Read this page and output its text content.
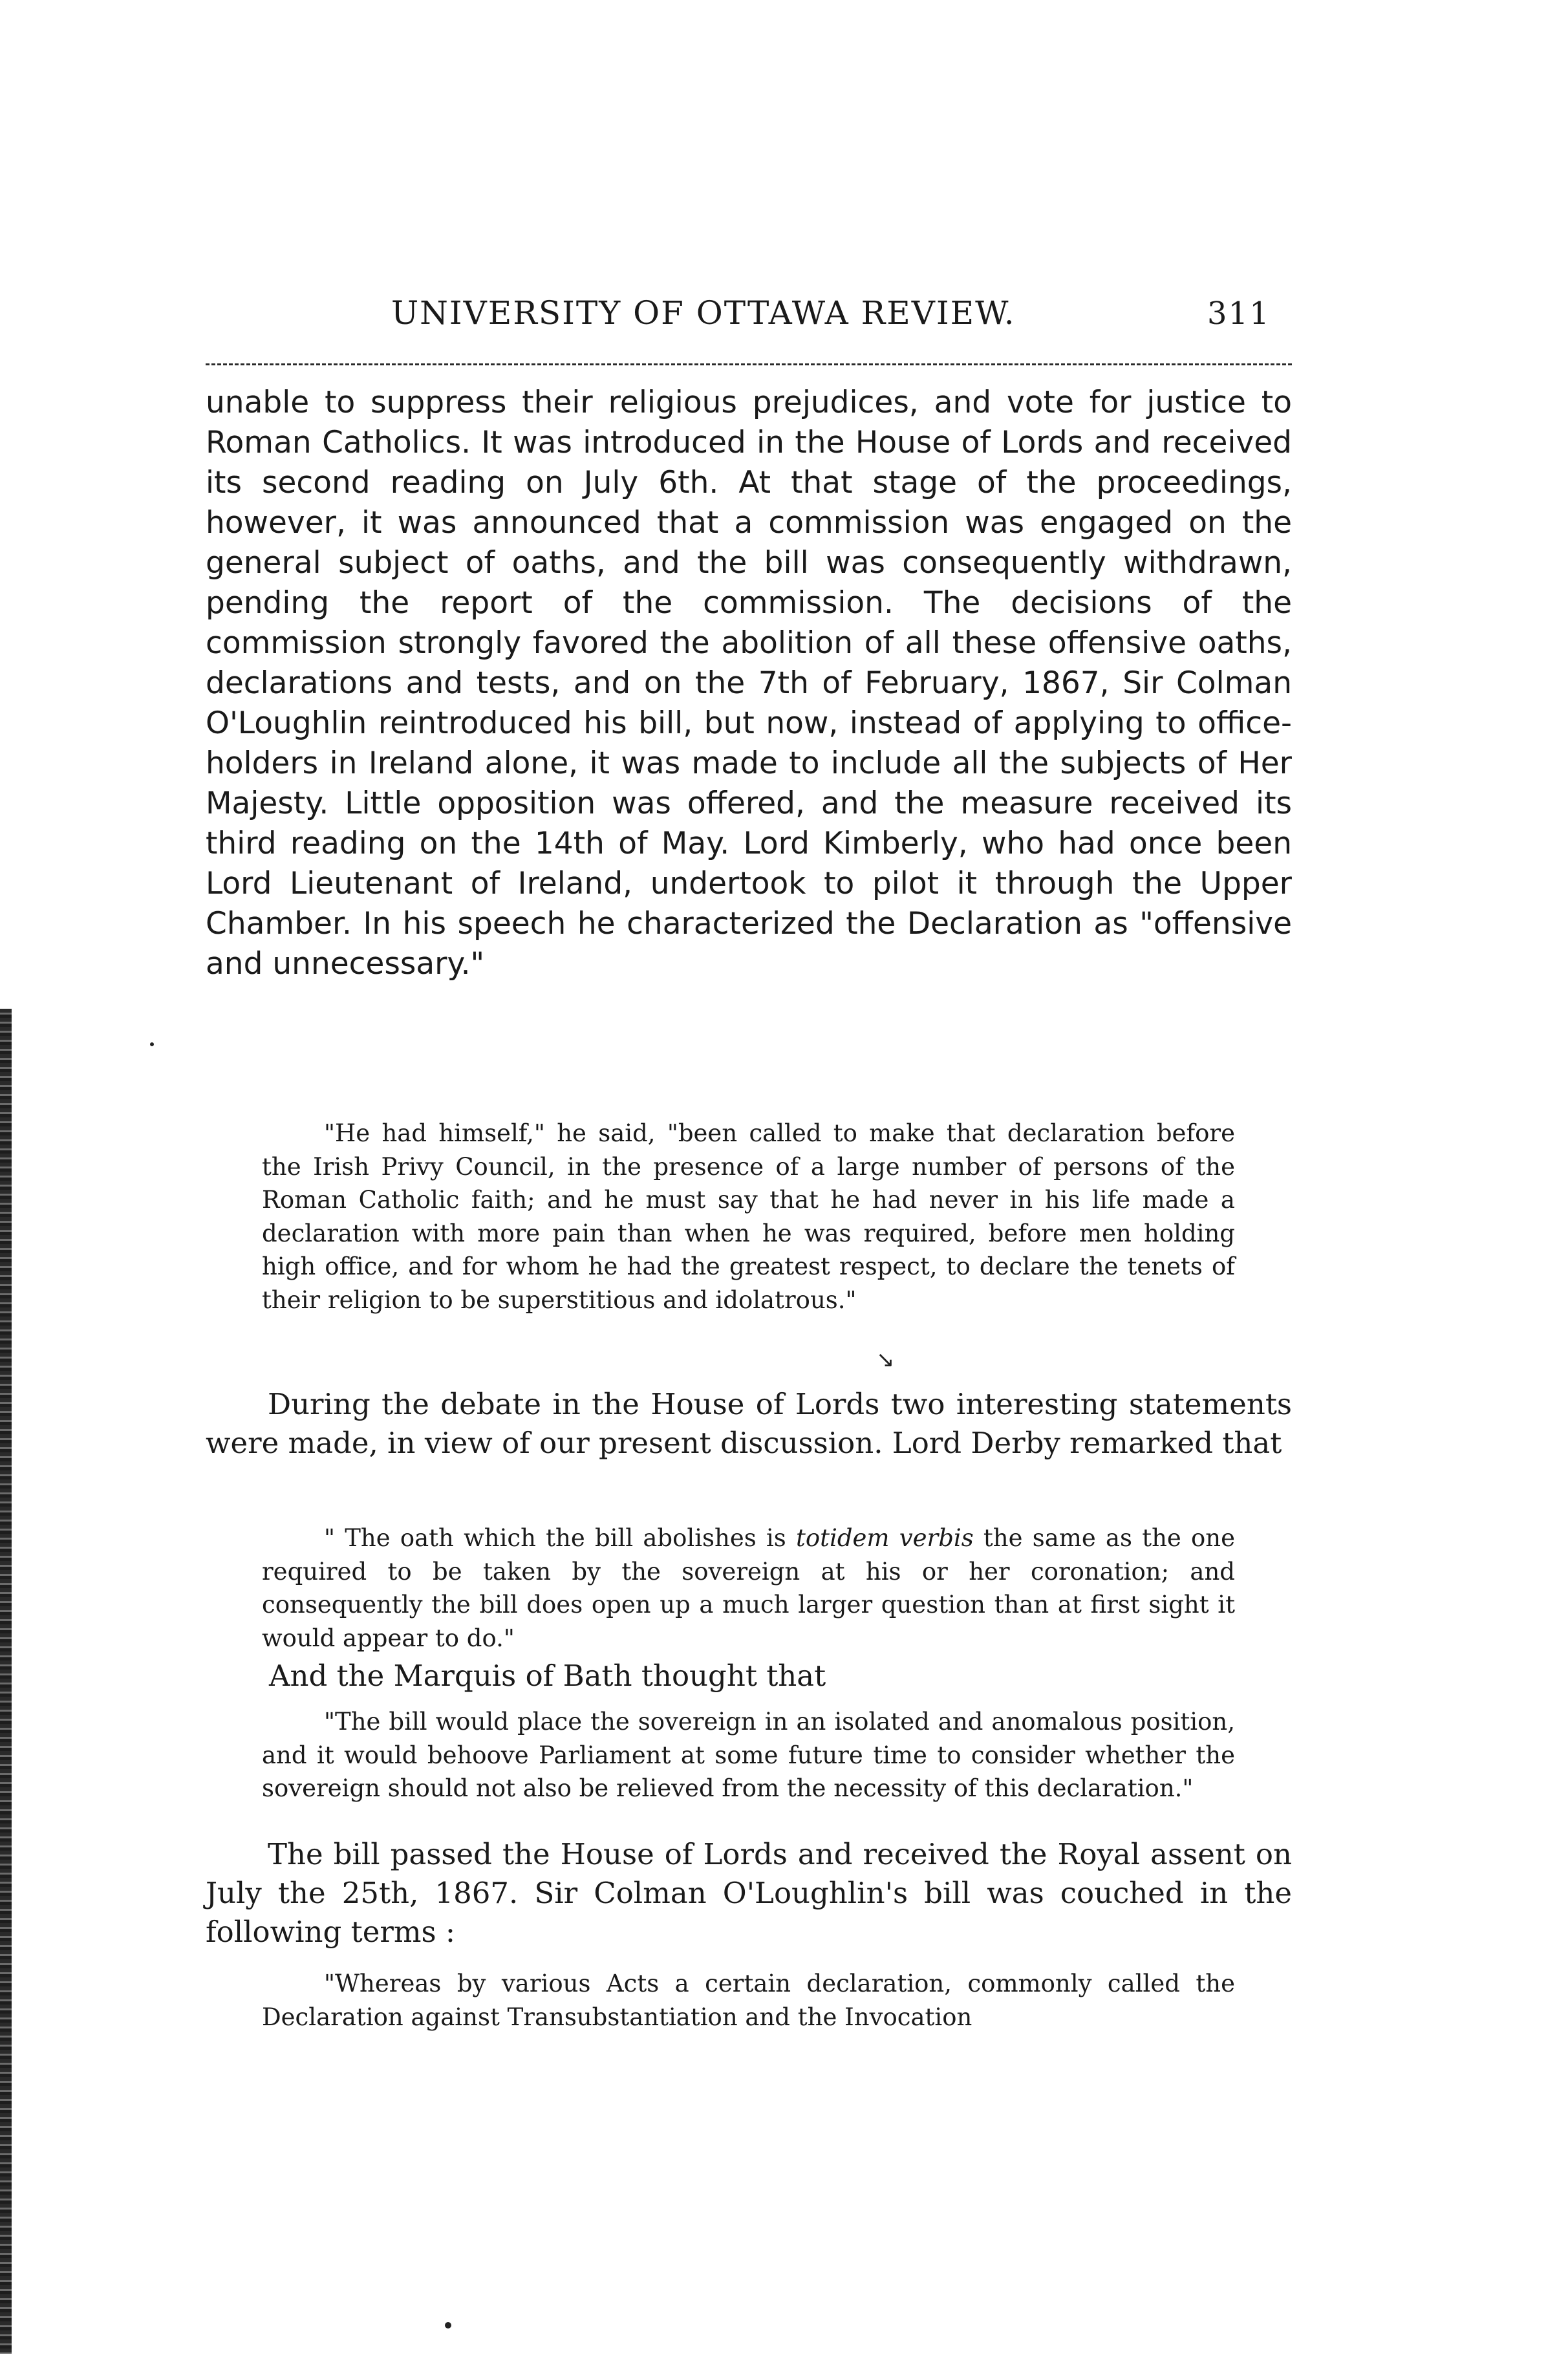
UNIVERSITY OF OTTAWA REVIEW.	311

unable to suppress their religious prejudices, and vote for justice to Roman Catholics. It was introduced in the House of Lords and received its second reading on July 6th. At that stage of the proceedings, however, it was announced that a commission was engaged on the general subject of oaths, and the bill was consequently withdrawn, pending the report of the commission. The decisions of the commission strongly favored the abolition of all these offensive oaths, declarations and tests, and on the 7th of February, 1867, Sir Colman O'Loughlin reintroduced his bill, but now, instead of applying to office-holders in Ireland alone, it was made to include all the subjects of Her Majesty. Little opposition was offered, and the measure received its third reading on the 14th of May. Lord Kimberly, who had once been Lord Lieutenant of Ireland, undertook to pilot it through the Upper Chamber. In his speech he characterized the Declaration as "offensive and unnecessary."

"He had himself," he said, "been called to make that declaration before the Irish Privy Council, in the presence of a large number of persons of the Roman Catholic faith; and he must say that he had never in his life made a declaration with more pain than when he was required, before men holding high office, and for whom he had the greatest respect, to declare the tenets of their religion to be superstitious and idolatrous."

↘

During the debate in the House of Lords two interesting statements were made, in view of our present discussion. Lord Derby remarked that

" The oath which the bill abolishes is totidem verbis the same as the one required to be taken by the sovereign at his or her coronation; and consequently the bill does open up a much larger question than at first sight it would appear to do."

And the Marquis of Bath thought that

"The bill would place the sovereign in an isolated and anomalous position, and it would behoove Parliament at some future time to consider whether the sovereign should not also be relieved from the necessity of this declaration."

The bill passed the House of Lords and received the Royal assent on July the 25th, 1867. Sir Colman O'Loughlin's bill was couched in the following terms :

"Whereas by various Acts a certain declaration, commonly called the Declaration against Transubstantiation and the Invocation
